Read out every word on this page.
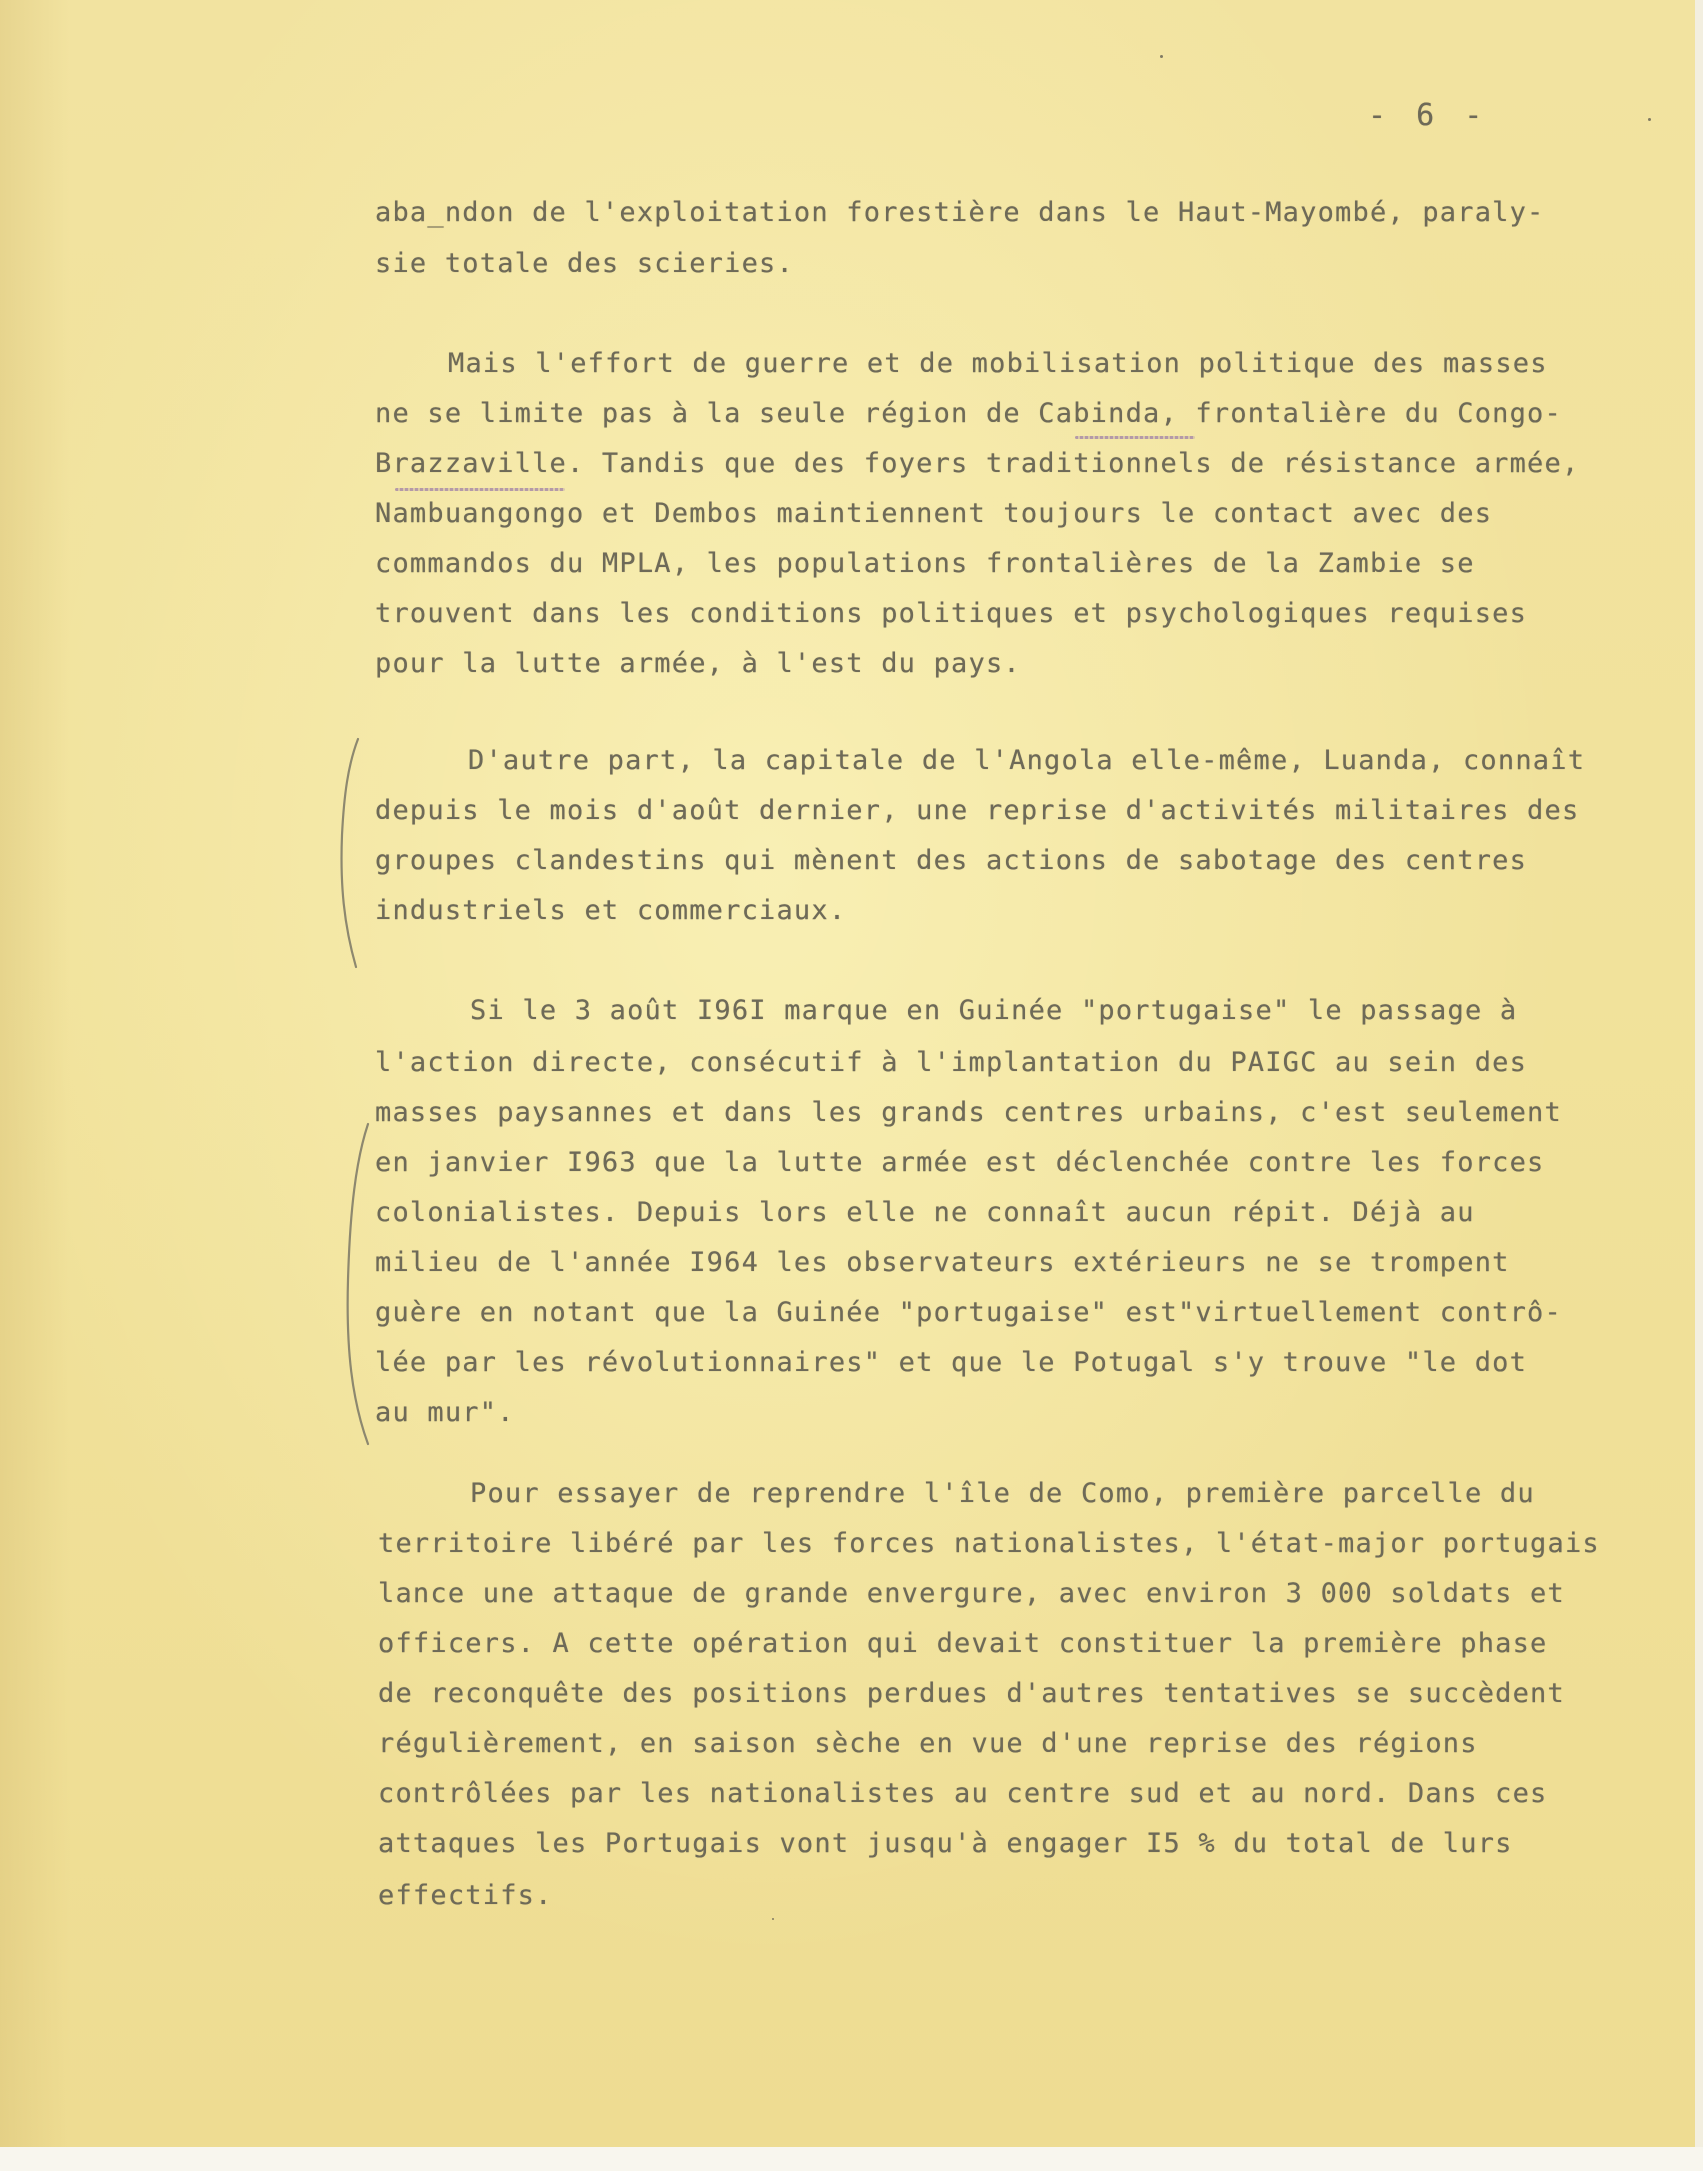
- 6 -
aba_ndon de l'exploitation forestière dans le Haut-Mayombé, paraly-
sie totale des scieries.
Mais l'effort de guerre et de mobilisation politique des masses
ne se limite pas à la seule région de Cabinda, frontalière du Congo-
Brazzaville. Tandis que des foyers traditionnels de résistance armée,
Nambuangongo et Dembos maintiennent toujours le contact avec des
commandos du MPLA, les populations frontalières de la Zambie se
trouvent dans les conditions politiques et psychologiques requises
pour la lutte armée, à l'est du pays.
D'autre part, la capitale de l'Angola elle-même, Luanda, connaît
depuis le mois d'août dernier, une reprise d'activités militaires des
groupes clandestins qui mènent des actions de sabotage des centres
industriels et commerciaux.
Si le 3 août I96I marque en Guinée "portugaise" le passage à
l'action directe, consécutif à l'implantation du PAIGC au sein des
masses paysannes et dans les grands centres urbains, c'est seulement
en janvier I963 que la lutte armée est déclenchée contre les forces
colonialistes. Depuis lors elle ne connaît aucun répit. Déjà au
milieu de l'année I964 les observateurs extérieurs ne se trompent
guère en notant que la Guinée "portugaise" est"virtuellement contrô-
lée par les révolutionnaires" et que le Potugal s'y trouve "le dot
au mur".
Pour essayer de reprendre l'île de Como, première parcelle du
territoire libéré par les forces nationalistes, l'état-major portugais
lance une attaque de grande envergure, avec environ 3 000 soldats et
officers. A cette opération qui devait constituer la première phase
de reconquête des positions perdues d'autres tentatives se succèdent
régulièrement, en saison sèche en vue d'une reprise des régions
contrôlées par les nationalistes au centre sud et au nord. Dans ces
attaques les Portugais vont jusqu'à engager I5 % du total de lurs
effectifs.
